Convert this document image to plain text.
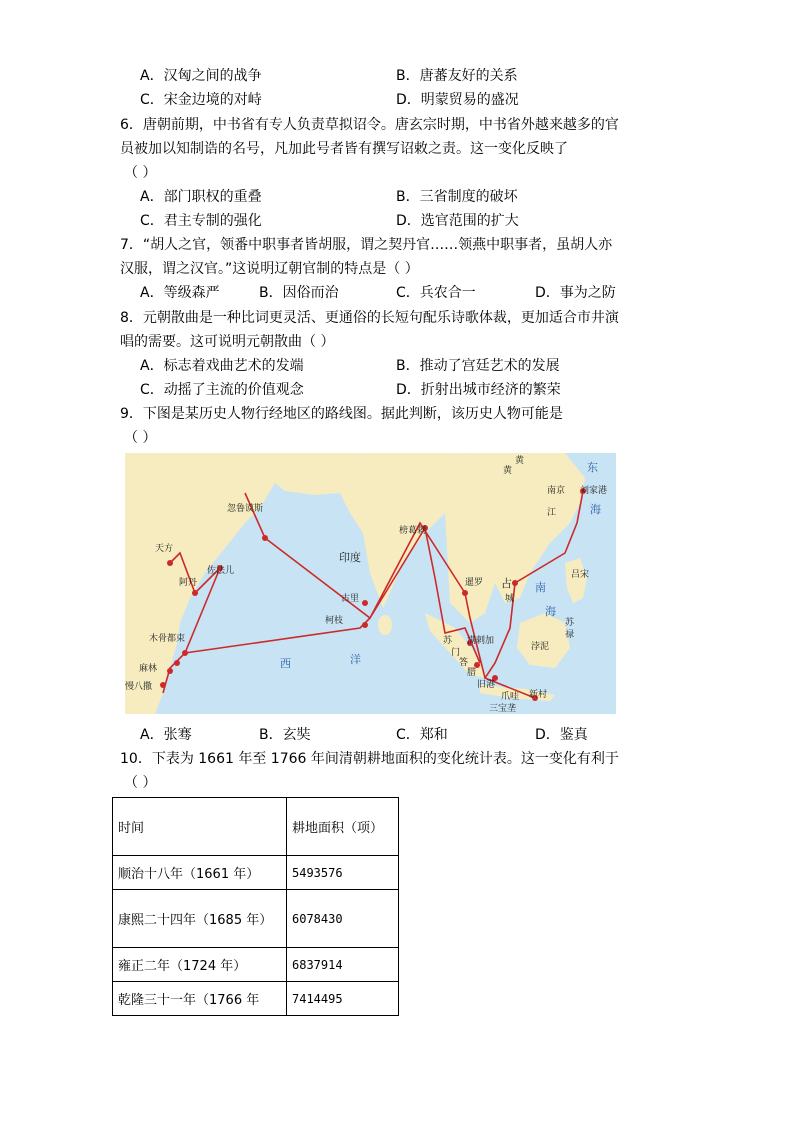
A．汉匈之间的战争	B．唐蕃友好的关系
C．宋金边境的对峙	D．明蒙贸易的盛况
6．唐朝前期，中书省有专人负责草拟诏令。唐玄宗时期，中书省外越来越多的官
员被加以知制诰的名号，凡加此号者皆有撰写诏敕之责。这一变化反映了
（ ）
A．部门职权的重叠	B．三省制度的破坏
C．君主专制的强化	D．选官范围的扩大
7．“胡人之官，领番中职事者皆胡服，谓之契丹官……领燕中职事者，虽胡人亦
汉服，谓之汉官。”这说明辽朝官制的特点是（ ）
A．等级森严	B．因俗而治	C．兵农合一	D．事为之防
8．元朝散曲是一种比词更灵活、更通俗的长短句配乐诗歌体裁，更加适合市井演
唱的需要。这可说明元朝散曲（ ）
A．标志着戏曲艺术的发端	B．推动了宫廷艺术的发展
C．动摇了主流的价值观念	D．折射出城市经济的繁荣
9．下图是某历史人物行经地区的路线图。据此判断，该历史人物可能是
（ ）
黄
黄	东
南京 刘家港
江	海
忽鲁谟斯
榜葛剌
印度
天方
佐法儿
阿丹	暹罗 占
城
吕宋
南
海
古里
柯枝	苏
禄
木骨都束
麻林
慢八撒
西	洋
苏
门
答
腊
满剌加
浡泥
旧港
爪哇
三宝垄
新村
A．张骞	B．玄奘	C．郑和	D．鉴真
10．下表为 1661 年至 1766 年间清朝耕地面积的变化统计表。这一变化有利于
（ ）
时间	耕地面积（项）
顺治十八年（1661 年）	5493576
康熙二十四年（1685 年）	6078430
雍正二年（1724 年）	6837914
乾隆三十一年（1766 年	7414495
